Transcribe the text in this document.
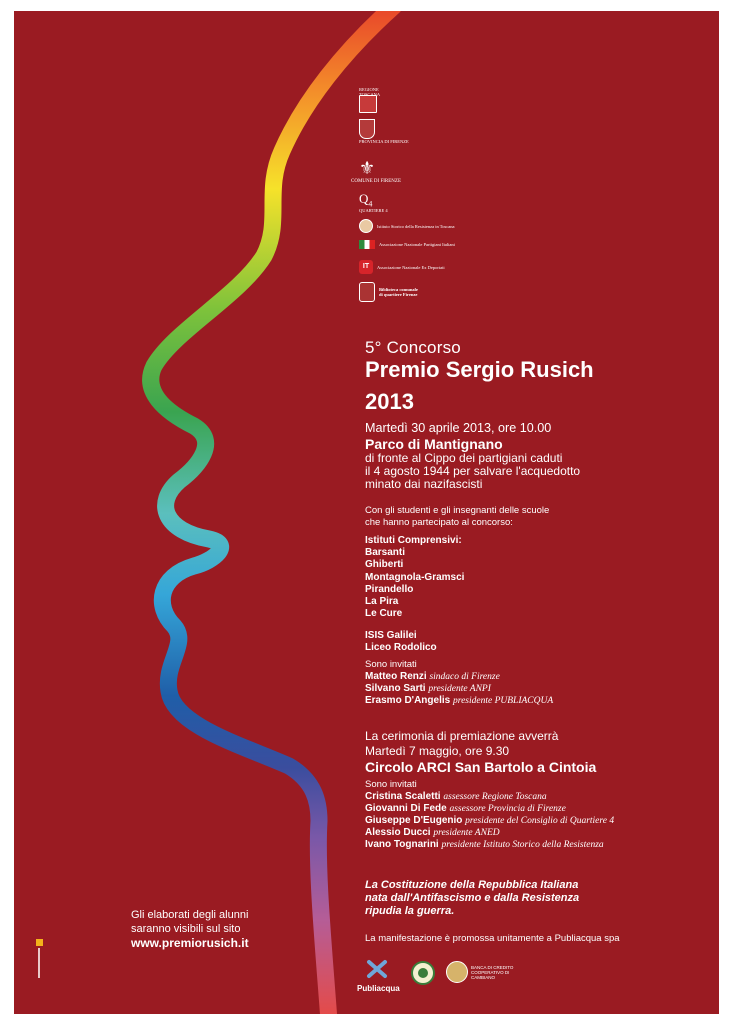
REGIONE TOSCANA
PROVINCIA DI FIRENZE
⚜
COMUNE DI FIRENZE
$Q_4$
QUARTIERE 4
Istituto Storico della Resistenza in Toscana
Associazione Nazionale Partigiani Italiani
IT	Associazione Nazionale Ex Deportati
Biblioteca comunale di quartiere Firenze
5° Concorso
Premio Sergio Rusich
2013
Martedì 30 aprile 2013, ore 10.00
Parco di Mantignano
di fronte al Cippo dei partigiani caduti
il 4 agosto 1944 per salvare l'acquedotto
minato dai nazifascisti
Con gli studenti e gli insegnanti delle scuole
che hanno partecipato al concorso:
Istituti Comprensivi:
Barsanti
Ghiberti
Montagnola-Gramsci
Pirandello
La Pira
Le Cure
ISIS Galilei
Liceo Rodolico
Sono invitati
Matteo Renzi sindaco di Firenze
Silvano Sarti presidente ANPI
Erasmo D'Angelis presidente PUBLIACQUA
La cerimonia di premiazione avverrà
Martedì 7 maggio, ore 9.30
Circolo ARCI San Bartolo a Cintoia
Sono invitati
Cristina Scaletti assessore Regione Toscana
Giovanni Di Fede assessore Provincia di Firenze
Giuseppe D'Eugenio presidente del Consiglio di Quartiere 4
Alessio Ducci presidente ANED
Ivano Tognarini presidente Istituto Storico della Resistenza
La Costituzione della Repubblica Italiana
nata dall'Antifascismo e dalla Resistenza
ripudia la guerra.
La manifestazione è promossa unitamente a Publiacqua spa
Gli elaborati degli alunni
saranno visibili sul sito
www.premiorusich.it
Publiacqua
BANCA DI CREDITO COOPERATIVO DI CAMBIANO
